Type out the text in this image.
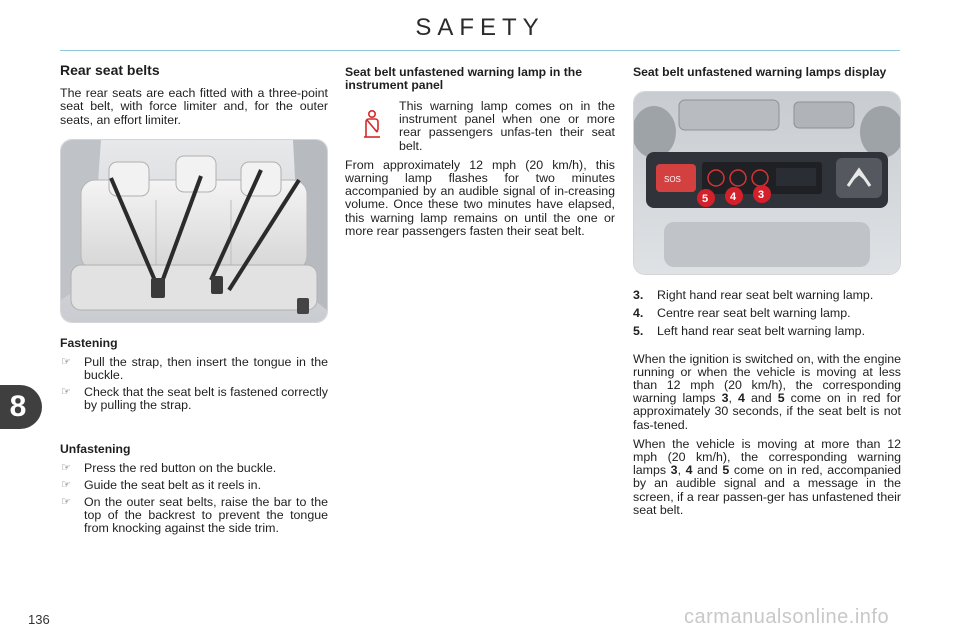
SAFETY
8
136	carmanualsonline.info
Rear seat belts

The rear seats are each fitted with a three-point seat belt, with force limiter and, for the outer seats, an effort limiter.

Fastening
☞ Pull the strap, then insert the tongue in the buckle.
☞ Check that the seat belt is fastened correctly by pulling the strap.
Unfastening
☞ Press the red button on the buckle.
☞ Guide the seat belt as it reels in.
☞ On the outer seat belts, raise the bar to the top of the backrest to prevent the tongue from knocking against the side trim.
Seat belt unfastened warning lamp in the instrument panel
This warning lamp comes on in the instrument panel when one or more rear passengers unfas-ten their seat belt.

From approximately 12 mph (20 km/h), this warning lamp flashes for two minutes accompanied by an audible signal of in-creasing volume. Once these two minutes have elapsed, this warning lamp remains on until the one or more rear passengers fasten their seat belt.

Seat belt unfastened warning lamps display
SOS
5 4 3
3.	Right hand rear seat belt warning lamp.
4.	Centre rear seat belt warning lamp.
5.	Left hand rear seat belt warning lamp.

When the ignition is switched on, with the engine running or when the vehicle is moving at less than 12 mph (20 km/h), the corresponding warning lamps 3, 4 and 5 come on in red for approximately 30 seconds, if the seat belt is not fas-tened.

When the vehicle is moving at more than 12 mph (20 km/h), the corresponding warning lamps 3, 4 and 5 come on in red, accompanied by an audible signal and a message in the screen, if a rear passen-ger has unfastened their seat belt.
